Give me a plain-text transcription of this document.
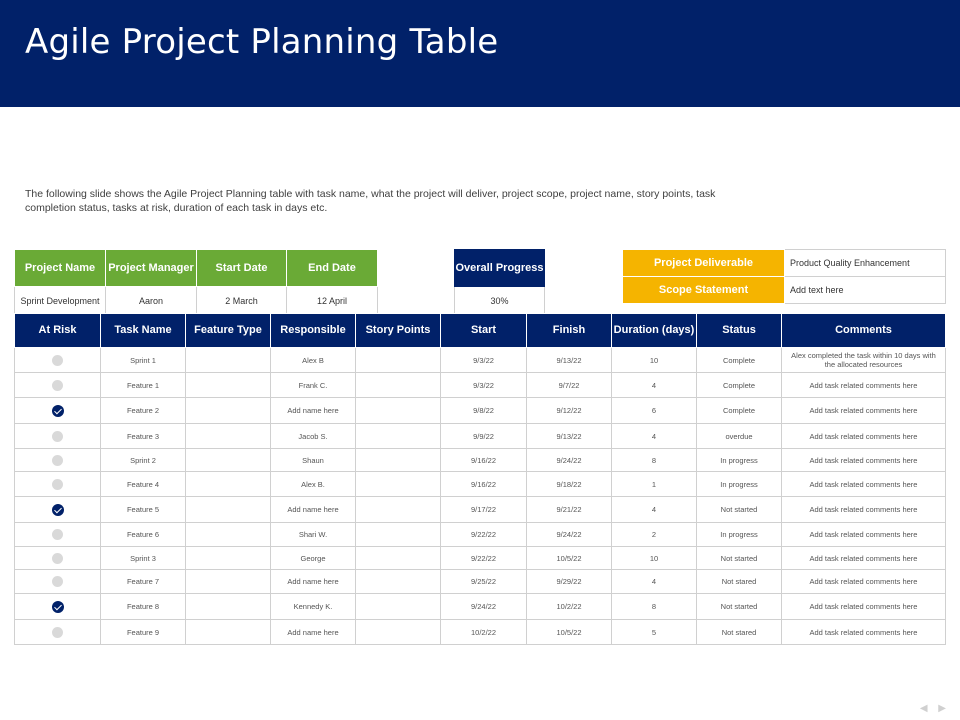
Agile Project Planning Table

The following slide shows the Agile Project Planning table with task name, what the project will deliver, project scope, project name, story points, task completion status, tasks at risk, duration of each task in days etc.

Project Name	Project Manager	Start Date	End Date
Sprint Development	Aaron	2 March	12 April
Overall Progress
30%
Project Deliverable	Product Quality Enhancement
Scope Statement	Add text here
At Risk	Task Name	Feature Type	Responsible	Story Points	Start	Finish	Duration (days)	Status	Comments
	Sprint 1		Alex B		9/3/22	9/13/22	10	Complete	Alex completed the task within 10 days with the allocated resources
	Feature 1		Frank C.		9/3/22	9/7/22	4	Complete	Add task related comments here
	Feature 2		Add name here		9/8/22	9/12/22	6	Complete	Add task related comments here
	Feature 3		Jacob S.		9/9/22	9/13/22	4	overdue	Add task related comments here
	Sprint 2		Shaun		9/16/22	9/24/22	8	In progress	Add task related comments here
	Feature 4		Alex B.		9/16/22	9/18/22	1	In progress	Add task related comments here
	Feature 5		Add name here		9/17/22	9/21/22	4	Not started	Add task related comments here
	Feature 6		Shari W.		9/22/22	9/24/22	2	In progress	Add task related comments here
	Sprint 3		George		9/22/22	10/5/22	10	Not started	Add task related comments here
	Feature 7		Add name here		9/25/22	9/29/22	4	Not stared	Add task related comments here
	Feature 8		Kennedy K.		9/24/22	10/2/22	8	Not started	Add task related comments here
	Feature 9		Add name here		10/2/22	10/5/22	5	Not stared	Add task related comments here
◀ ▶
